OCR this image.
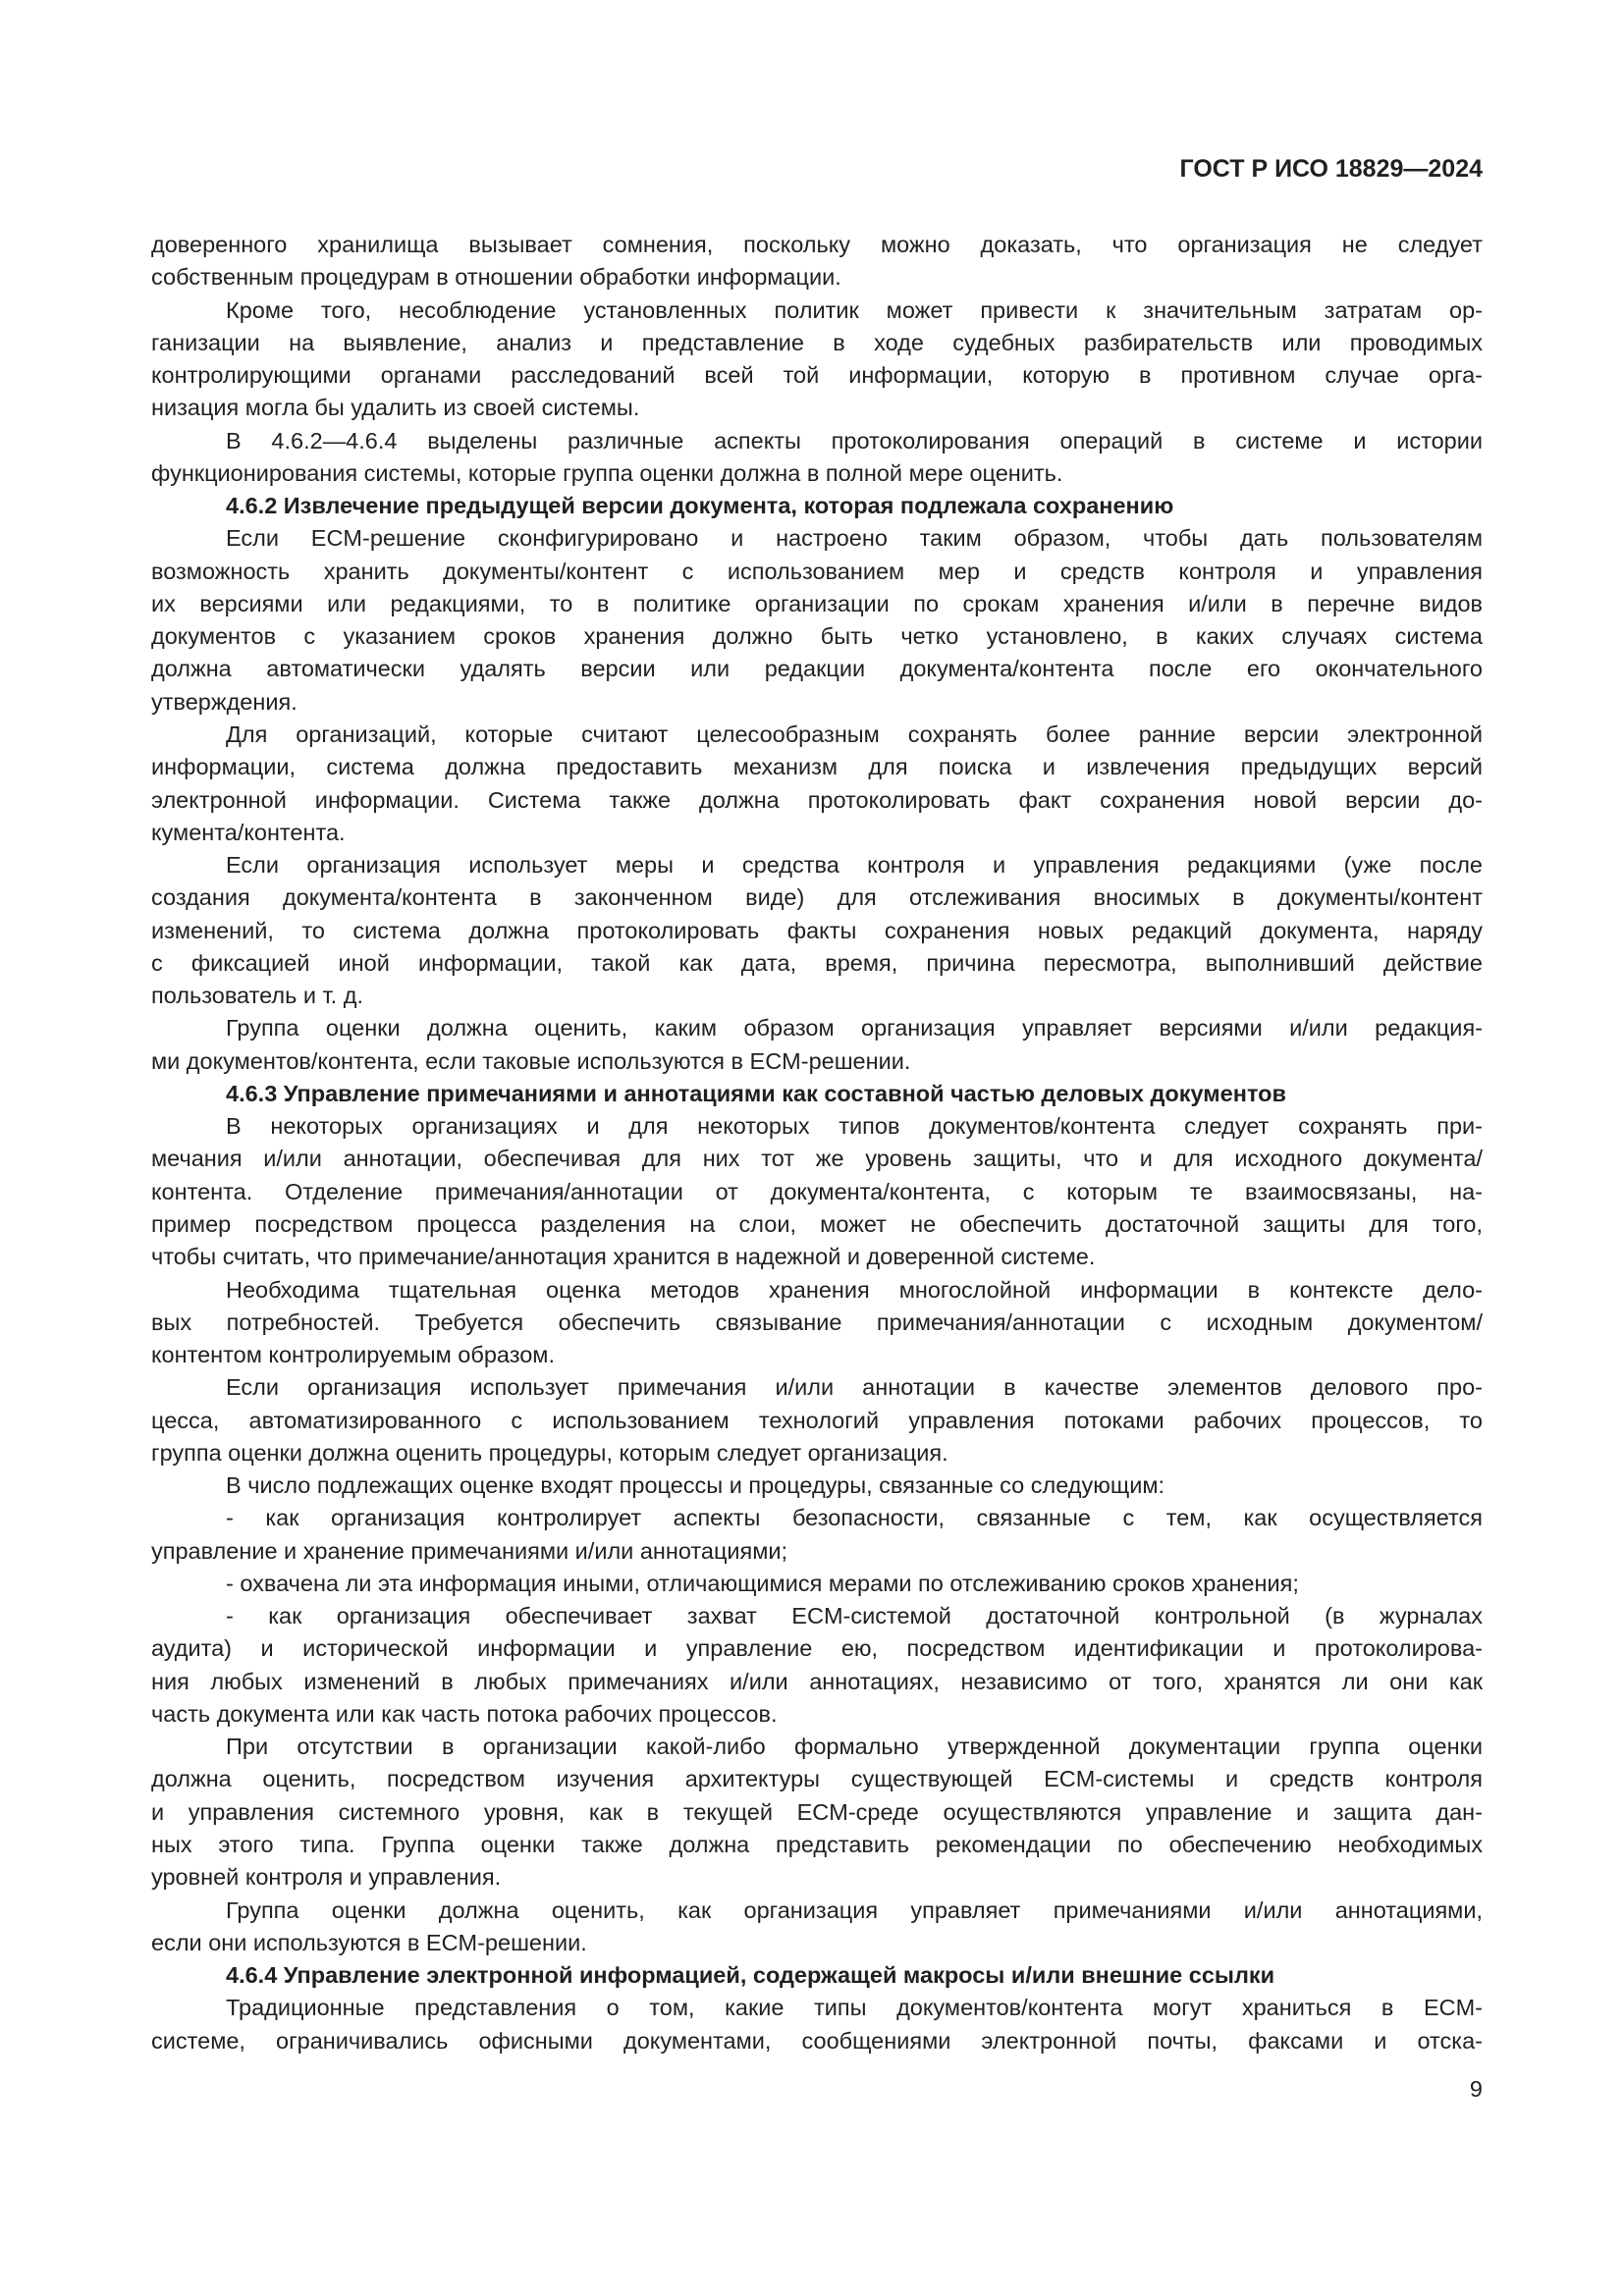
ГОСТ Р ИСО 18829—2024
доверенного хранилища вызывает сомнения, поскольку можно доказать, что организация не следует
собственным процедурам в отношении обработки информации.
Кроме того, несоблюдение установленных политик может привести к значительным затратам ор-
ганизации на выявление, анализ и представление в ходе судебных разбирательств или проводимых
контролирующими органами расследований всей той информации, которую в противном случае орга-
низация могла бы удалить из своей системы.
В 4.6.2—4.6.4 выделены различные аспекты протоколирования операций в системе и истории
функционирования системы, которые группа оценки должна в полной мере оценить.
4.6.2 Извлечение предыдущей версии документа, которая подлежала сохранению
Если ECM-решение сконфигурировано и настроено таким образом, чтобы дать пользователям
возможность хранить документы/контент с использованием мер и средств контроля и управления
их версиями или редакциями, то в политике организации по срокам хранения и/или в перечне видов
документов с указанием сроков хранения должно быть четко установлено, в каких случаях система
должна автоматически удалять версии или редакции документа/контента после его окончательного
утверждения.
Для организаций, которые считают целесообразным сохранять более ранние версии электронной
информации, система должна предоставить механизм для поиска и извлечения предыдущих версий
электронной информации. Система также должна протоколировать факт сохранения новой версии до-
кумента/контента.
Если организация использует меры и средства контроля и управления редакциями (уже после
создания документа/контента в законченном виде) для отслеживания вносимых в документы/контент
изменений, то система должна протоколировать факты сохранения новых редакций документа, наряду
с фиксацией иной информации, такой как дата, время, причина пересмотра, выполнивший действие
пользователь и т. д.
Группа оценки должна оценить, каким образом организация управляет версиями и/или редакция-
ми документов/контента, если таковые используются в ECM-решении.
4.6.3 Управление примечаниями и аннотациями как составной частью деловых документов
В некоторых организациях и для некоторых типов документов/контента следует сохранять при-
мечания и/или аннотации, обеспечивая для них тот же уровень защиты, что и для исходного документа/
контента. Отделение примечания/аннотации от документа/контента, с которым те взаимосвязаны, на-
пример посредством процесса разделения на слои, может не обеспечить достаточной защиты для того,
чтобы считать, что примечание/аннотация хранится в надежной и доверенной системе.
Необходима тщательная оценка методов хранения многослойной информации в контексте дело-
вых потребностей. Требуется обеспечить связывание примечания/аннотации с исходным документом/
контентом контролируемым образом.
Если организация использует примечания и/или аннотации в качестве элементов делового про-
цесса, автоматизированного с использованием технологий управления потоками рабочих процессов, то
группа оценки должна оценить процедуры, которым следует организация.
В число подлежащих оценке входят процессы и процедуры, связанные со следующим:
- как организация контролирует аспекты безопасности, связанные с тем, как осуществляется
управление и хранение примечаниями и/или аннотациями;
- охвачена ли эта информация иными, отличающимися мерами по отслеживанию сроков хранения;
- как организация обеспечивает захват ECM-системой достаточной контрольной (в журналах
аудита) и исторической информации и управление ею, посредством идентификации и протоколирова-
ния любых изменений в любых примечаниях и/или аннотациях, независимо от того, хранятся ли они как
часть документа или как часть потока рабочих процессов.
При отсутствии в организации какой-либо формально утвержденной документации группа оценки
должна оценить, посредством изучения архитектуры существующей ECM-системы и средств контроля
и управления системного уровня, как в текущей ECM-среде осуществляются управление и защита дан-
ных этого типа. Группа оценки также должна представить рекомендации по обеспечению необходимых
уровней контроля и управления.
Группа оценки должна оценить, как организация управляет примечаниями и/или аннотациями,
если они используются в ECM-решении.
4.6.4 Управление электронной информацией, содержащей макросы и/или внешние ссылки
Традиционные представления о том, какие типы документов/контента могут храниться в ECM-
системе, ограничивались офисными документами, сообщениями электронной почты, факсами и отска-
9
